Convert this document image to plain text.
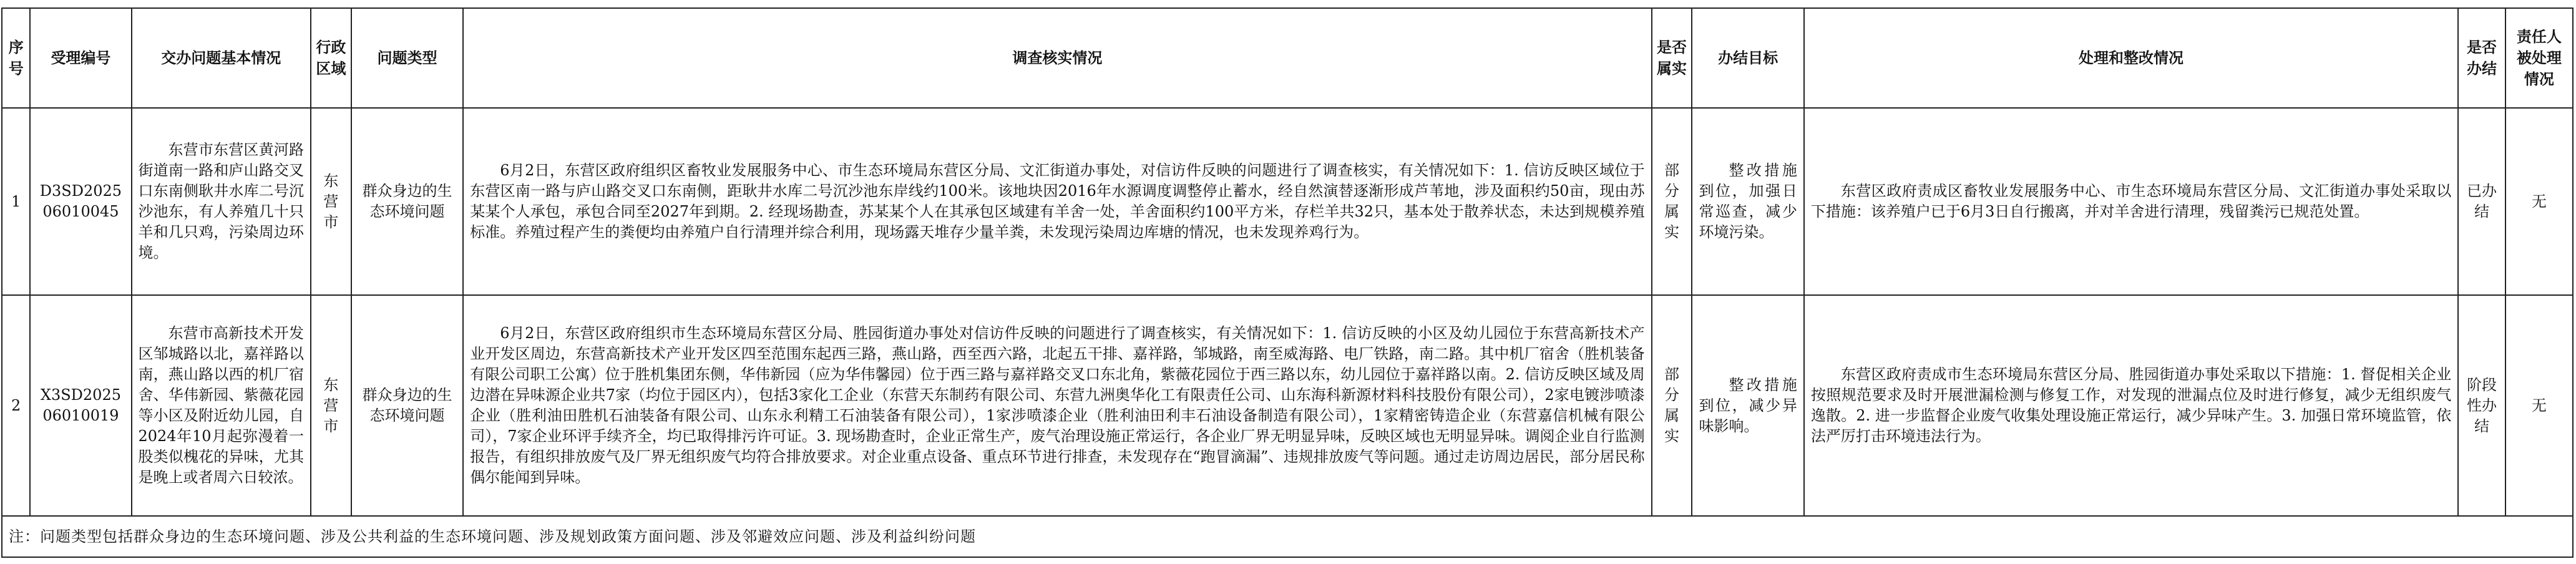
序号	受理编号	交办问题基本情况	行政区域	问题类型	调查核实情况	是否属实	办结目标	处理和整改情况	是否办结	责任人被处理情况
1	D3SD202506010045	东营市东营区黄河路街道南一路和庐山路交叉口东南侧耿井水库二号沉沙池东，有人养殖几十只羊和几只鸡，污染周边环境。	东营市	群众身边的生态环境问题	6月2日，东营区政府组织区畜牧业发展服务中心、市生态环境局东营区分局、文汇街道办事处，对信访件反映的问题进行了调查核实，有关情况如下：1. 信访反映区域位于东营区南一路与庐山路交叉口东南侧，距耿井水库二号沉沙池东岸线约100米。该地块因2016年水源调度调整停止蓄水，经自然演替逐渐形成芦苇地，涉及面积约50亩，现由苏某某个人承包，承包合同至2027年到期。2. 经现场勘查，苏某某个人在其承包区域建有羊舍一处，羊舍面积约100平方米，存栏羊共32只，基本处于散养状态，未达到规模养殖标准。养殖过程产生的粪便均由养殖户自行清理并综合利用，现场露天堆存少量羊粪，未发现污染周边库塘的情况，也未发现养鸡行为。	部分属实	整改措施到位，加强日常巡查，减少环境污染。	东营区政府责成区畜牧业发展服务中心、市生态环境局东营区分局、文汇街道办事处采取以下措施：该养殖户已于6月3日自行搬离，并对羊舍进行清理，残留粪污已规范处置。	已办结	无
2	X3SD202506010019	东营市高新技术开发区邹城路以北，嘉祥路以南，燕山路以西的机厂宿舍、华伟新园、紫薇花园等小区及附近幼儿园，自2024年10月起弥漫着一股类似槐花的异味，尤其是晚上或者周六日较浓。	东营市	群众身边的生态环境问题	6月2日，东营区政府组织市生态环境局东营区分局、胜园街道办事处对信访件反映的问题进行了调查核实，有关情况如下：1. 信访反映的小区及幼儿园位于东营高新技术产业开发区周边，东营高新技术产业开发区四至范围东起西三路，燕山路，西至西六路，北起五干排、嘉祥路，邹城路，南至威海路、电厂铁路，南二路。其中机厂宿舍（胜机装备有限公司职工公寓）位于胜机集团东侧，华伟新园（应为华伟馨园）位于西三路与嘉祥路交叉口东北角，紫薇花园位于西三路以东，幼儿园位于嘉祥路以南。2. 信访反映区域及周边潜在异味源企业共7家（均位于园区内），包括3家化工企业（东营天东制药有限公司、东营九洲奥华化工有限责任公司、山东海科新源材料科技股份有限公司），2家电镀涉喷漆企业（胜利油田胜机石油装备有限公司、山东永利精工石油装备有限公司），1家涉喷漆企业（胜利油田利丰石油设备制造有限公司），1家精密铸造企业（东营嘉信机械有限公司），7家企业环评手续齐全，均已取得排污许可证。3. 现场勘查时，企业正常生产，废气治理设施正常运行，各企业厂界无明显异味，反映区域也无明显异味。调阅企业自行监测报告，有组织排放废气及厂界无组织废气均符合排放要求。对企业重点设备、重点环节进行排查，未发现存在“跑冒滴漏”、违规排放废气等问题。通过走访周边居民，部分居民称偶尔能闻到异味。	部分属实	整改措施到位，减少异味影响。	东营区政府责成市生态环境局东营区分局、胜园街道办事处采取以下措施：1. 督促相关企业按照规范要求及时开展泄漏检测与修复工作，对发现的泄漏点位及时进行修复，减少无组织废气逸散。2. 进一步监督企业废气收集处理设施正常运行，减少异味产生。3. 加强日常环境监管，依法严厉打击环境违法行为。	阶段性办结	无
注：问题类型包括群众身边的生态环境问题、涉及公共利益的生态环境问题、涉及规划政策方面问题、涉及邻避效应问题、涉及利益纠纷问题										
